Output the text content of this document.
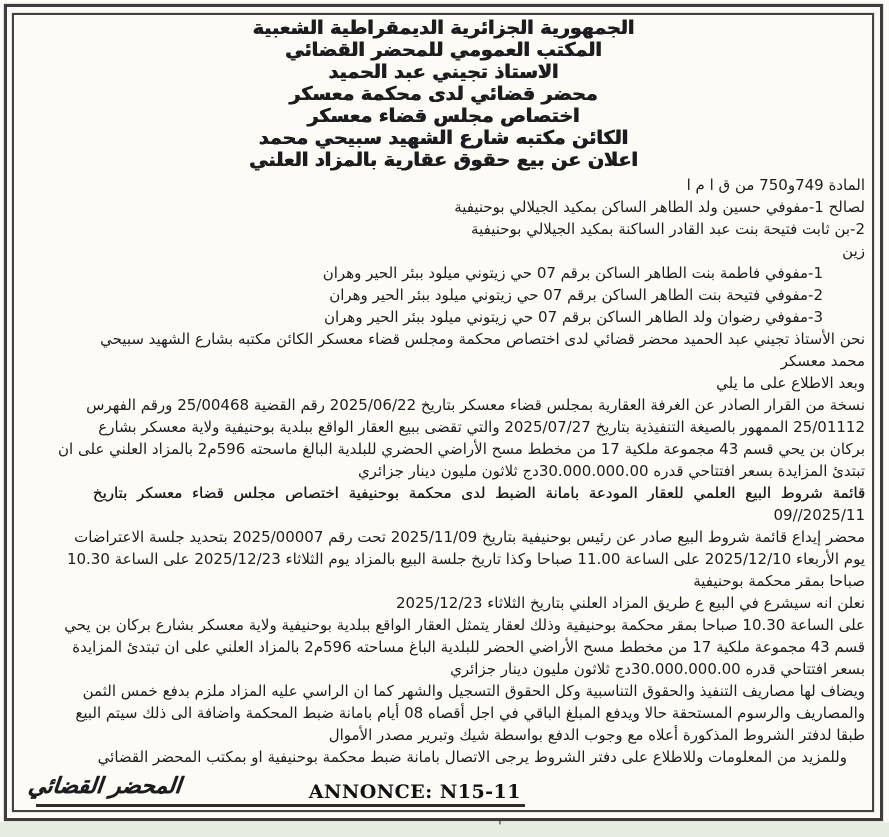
الجمهورية الجزائرية الديمقراطية الشعبية
المكتب العمومي للمحضر القضائي
الاستاذ تجيني عبد الحميد
محضر قضائي لدى محكمة معسكر
اختصاص مجلس قضاء معسكر
الكائن مكتبه شارع الشهيد سبيحي محمد
اعلان عن بيع حقوق عقارية بالمزاد العلني
المادة 749و750 من ق ا م ا
لصالح 1-مفوفي حسين ولد الطاهر الساكن بمكيد الجيلالي بوحنيفية
2-بن ثابت فتيحة بنت عبد القادر الساكنة بمكيد الجيلالي بوحنيفية
زين
1-مفوفي فاطمة بنت الطاهر الساكن برقم 07 حي زيتوني ميلود ببئر الحير وهران
2-مفوفي فتيحة بنت الطاهر الساكن برقم 07 حي زيتوني ميلود ببئر الحير وهران
3-مفوفي رضوان ولد الطاهر الساكن برقم 07 حي زيتوني ميلود ببئر الحير وهران
نحن الأستاذ تجيني عبد الحميد محضر قضائي لدى اختصاص محكمة ومجلس قضاء معسكر الكائن مكتبه بشارع الشهيد سبيحي
محمد معسكر
وبعد الاطلاع على ما يلي
نسخة من القرار الصادر عن الغرفة العقارية بمجلس قضاء معسكر بتاريخ 2025/06/22 رقم القضية 25/00468 ورقم الفهرس
25/01112 الممهور بالصيغة التنفيذية بتاريخ 2025/07/27 والتي تقضى ببيع العقار الواقع ببلدية بوحنيفية ولاية معسكر بشارع
بركان بن يحي قسم 43 مجموعة ملكية 17 من مخطط مسح الأراضي الحضري للبلدية البالغ ماسحته 596م2 بالمزاد العلني على ان
تبتدئ المزايدة بسعر افتتاحي قدره 30.000.000.00دج ثلاثون مليون دينار جزائري
قائمة شروط البيع العلمي للعقار المودعة بامانة الضبط لدى محكمة بوحنيفية اختصاص مجلس قضاء معسكر بتاريخ
2025/11//09
محضر إيداع قائمة شروط البيع صادر عن رئيس بوحنيفية بتاريخ 2025/11/09 تحت رقم 2025/00007 بتحديد جلسة الاعتراضات
يوم الأربعاء 2025/12/10 على الساعة 11.00 صباحا وكذا تاريخ جلسة البيع بالمزاد يوم الثلاثاء 2025/12/23 على الساعة 10.30
صباحا بمقر محكمة بوحنيفية
نعلن انه سيشرع في البيع ع طريق المزاد العلني بتاريخ الثلاثاء 2025/12/23
على الساعة 10.30 صباحا بمقر محكمة بوحنيفية وذلك لعقار يتمثل العقار الواقع ببلدية بوحنيفية ولاية معسكر بشارع بركان بن يحي
قسم 43 مجموعة ملكية 17 من مخطط مسح الأراضي الحضر للبلدية الباغ مساحته 596م2 بالمزاد العلني على ان تبتدئ المزايدة
بسعر افتتاحي قدره 30.000.000.00دج ثلاثون مليون دينار جزائري
ويضاف لها مصاريف التنفيذ والحقوق التناسبية وكل الحقوق التسجيل والشهر كما ان الراسي عليه المزاد ملزم بدفع خمس الثمن
والمصاريف والرسوم المستحقة حالا ويدفع المبلغ الباقي في اجل أقصاه 08 أيام بامانة ضبط المحكمة واضافة الى ذلك سيتم البيع
طبقا لدفتر الشروط المذكورة أعلاه مع وجوب الدفع بواسطة شيك وتبرير مصدر الأموال
وللمزيد من المعلومات وللاطلاع على دفتر الشروط يرجى الاتصال بامانة ضبط محكمة بوحنيفية او بمكتب المحضر القضائي
المحضر القضائي	ANNONCE: N15-11
'
